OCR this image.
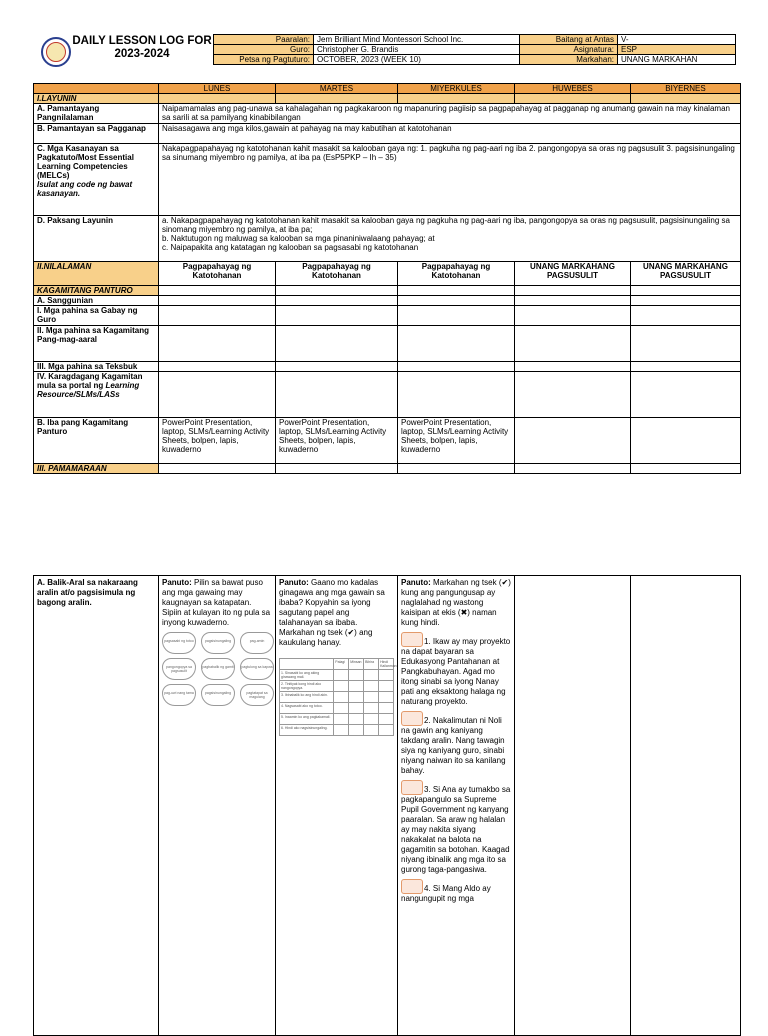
DAILY LESSON LOG FOR
2023-2024
Paaralan:	Jem Brilliant Mind Montessori School Inc.	Baitang at Antas	V-
Guro:	Christopher G. Brandis	Asignatura:	ESP
Petsa ng Pagtuturo:	OCTOBER, 2023 (WEEK 10)	Markahan:	UNANG MARKAHAN
	LUNES	MARTES	MIYERKULES	HUWEBES	BIYERNES
I.LAYUNIN					
A. Pamantayang Pangnilalaman	Naipamamalas ang pag-unawa sa kahalagahan ng pagkakaroon ng mapanuring pagiisip sa pagpapahayag at pagganap ng anumang gawain na may kinalaman sa sarili at sa pamilyang kinabibilangan				
B. Pamantayan sa Pagganap	Naisasagawa ang mga kilos,gawain at pahayag na may kabutihan at katotohanan				

C. Mga Kasanayan sa Pagkatuto/Most Essential Learning Competencies (MELCs)
Isulat ang code ng bawat kasanayan.	Nakapagpapahayag ng katotohanan kahit masakit sa kalooban gaya ng: 1. pagkuha ng pag-aari ng iba 2. pangongopya sa oras ng pagsusulit 3. pagsisinungaling sa sinumang miyembro ng pamilya, at iba pa (EsP5PKP – Ih – 35)				
D. Paksang Layunin	a. Nakapagpapahayag ng katotohanan kahit masakit sa kalooban gaya ng pagkuha ng pag-aari ng iba, pangongopya sa oras ng pagsusulit, pagsisinungaling sa sinomang miyembro ng pamilya, at iba pa;
b. Naktutugon ng maluwag sa kalooban sa mga pinaniniwalaang pahayag; at
c. Naipapakita ang katatagan ng kalooban sa pagsasabi ng katotohanan				

II.NILALAMAN	Pagpapahayag ng Katotohanan	Pagpapahayag ng Katotohanan	Pagpapahayag ng Katotohanan	UNANG MARKAHANG PAGSUSULIT	UNANG MARKAHANG PAGSUSULIT
KAGAMITANG PANTURO					
A. Sanggunian					
I. Mga pahina sa Gabay ng Guro					
II. Mga pahina sa Kagamitang Pang-mag-aaral					
III. Mga pahina sa Teksbuk					
IV. Karagdagang Kagamitan mula sa portal ng Learning Resource/SLMs/LASs					
B. Iba pang Kagamitang Panturo	PowerPoint Presentation, laptop, SLMs/Learning Activity Sheets, bolpen, lapis, kuwaderno	PowerPoint Presentation, laptop, SLMs/Learning Activity Sheets, bolpen, lapis, kuwaderno	PowerPoint Presentation, laptop, SLMs/Learning Activity Sheets, bolpen, lapis, kuwaderno		
III. PAMAMARAAN					
A. Balik-Aral sa nakaraang aralin at/o pagsisimula ng bagong aralin.	Panuto: Pilin sa bawat puso ang mga gawaing may kaugnayan sa katapatan. Sipiin at kulayan ito ng pula sa inyong kuwaderno.
pagsasabi ng totoo	pagsisinungaling	pag-amin
pangongopya sa pagsusulit
pagbabalik ng gamit	pagtulong sa kapwa
pag-uwi nang tama	pagsisinungaling	pagtatapat sa magulang
	Panuto: Gaano mo kadalas ginagawa ang mga gawain sa ibaba? Kopyahin sa iyong sagutang papel ang talahanayan sa ibaba. Markahan ng tsek (✔) ang kaukulang hanay.
	Palagi	Minsan	Bihira	Hindi Kailanman
1. Sinasabi ko ang aking ginawang mali.				
2. Tinitiyak kong hindi ako nangongopya.				
3. Ibinabalik ko ang hindi akin.				
4. Nagsasabi ako ng totoo.				
5. Inaamin ko ang pagkakamali.				
6. Hindi ako nagsisinungaling.				
	Panuto: Markahan ng tsek (✔) kung ang pangungusap ay naglalahad ng wastong kaisipan at ekis (✖) naman kung hindi.
1. Ikaw ay may proyekto na dapat bayaran sa Edukasyong Pantahanan at Pangkabuhayan. Agad mo itong sinabi sa iyong Nanay pati ang eksaktong halaga ng naturang proyekto.
2. Nakalimutan ni Noli na gawin ang kaniyang takdang aralin. Nang tawagin siya ng kaniyang guro, sinabi niyang naiwan ito sa kanilang bahay.
3. Si Ana ay tumakbo sa pagkapangulo sa Supreme Pupil Government ng kanyang paaralan. Sa araw ng halalan ay may nakita siyang nakakalat na balota na gagamitin sa botohan. Kaagad niyang ibinalik ang mga ito sa gurong taga-pangasiwa.
4. Si Mang Aldo ay nangungupit ng mga
